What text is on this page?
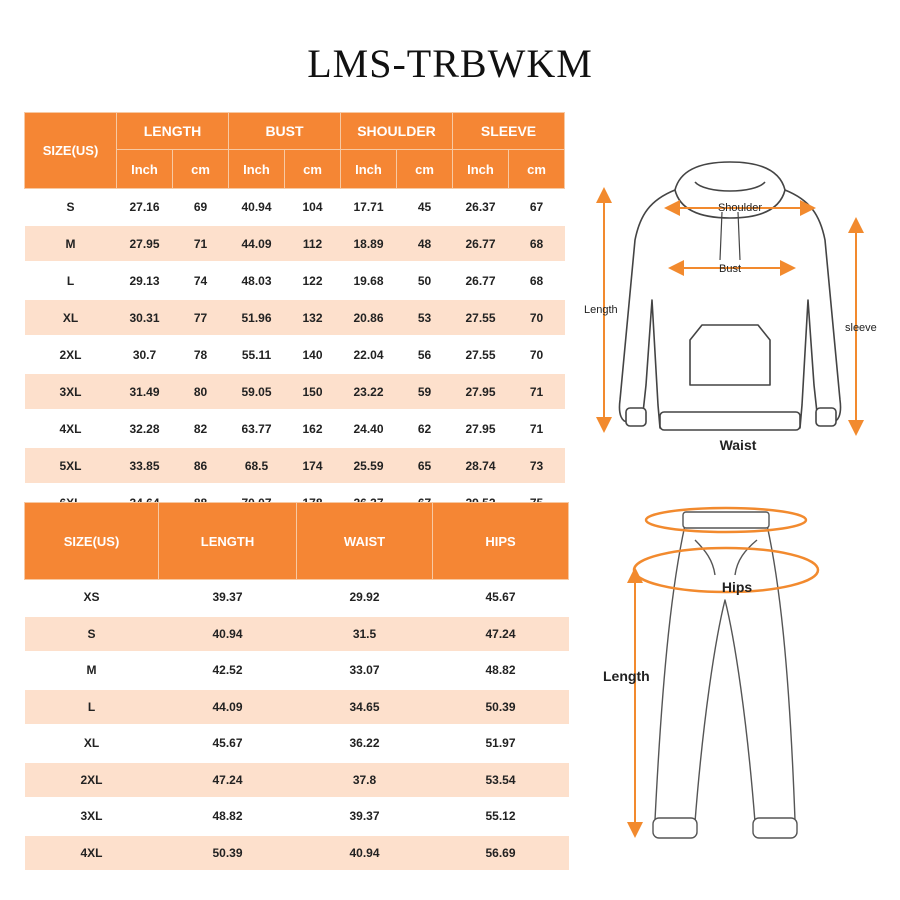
LMS-TRBWKM
SIZE(US)	LENGTH		BUST		SHOULDER		SLEEVE	
	Inch	cm	Inch	cm	Inch	cm	Inch	cm
S	27.16	69	40.94	104	17.71	45	26.37	67
M	27.95	71	44.09	112	18.89	48	26.77	68
L	29.13	74	48.03	122	19.68	50	26.77	68
XL	30.31	77	51.96	132	20.86	53	27.55	70
2XL	30.7	78	55.11	140	22.04	56	27.55	70
3XL	31.49	80	59.05	150	23.22	59	27.95	71
4XL	32.28	82	63.77	162	24.40	62	27.95	71
5XL	33.85	86	68.5	174	25.59	65	28.74	73

SIZE(US)	LENGTH	WAIST	HIPS
XS	39.37	29.92	45.67
S	40.94	31.5	47.24
M	42.52	33.07	48.82
L	44.09	34.65	50.39
XL	45.67	36.22	51.97
2XL	47.24	37.8	53.54
3XL	48.82	39.37	55.12
4XL	50.39	40.94	56.69
Shoulder
Bust
Length
sleeve
Waist
Hips
Length
